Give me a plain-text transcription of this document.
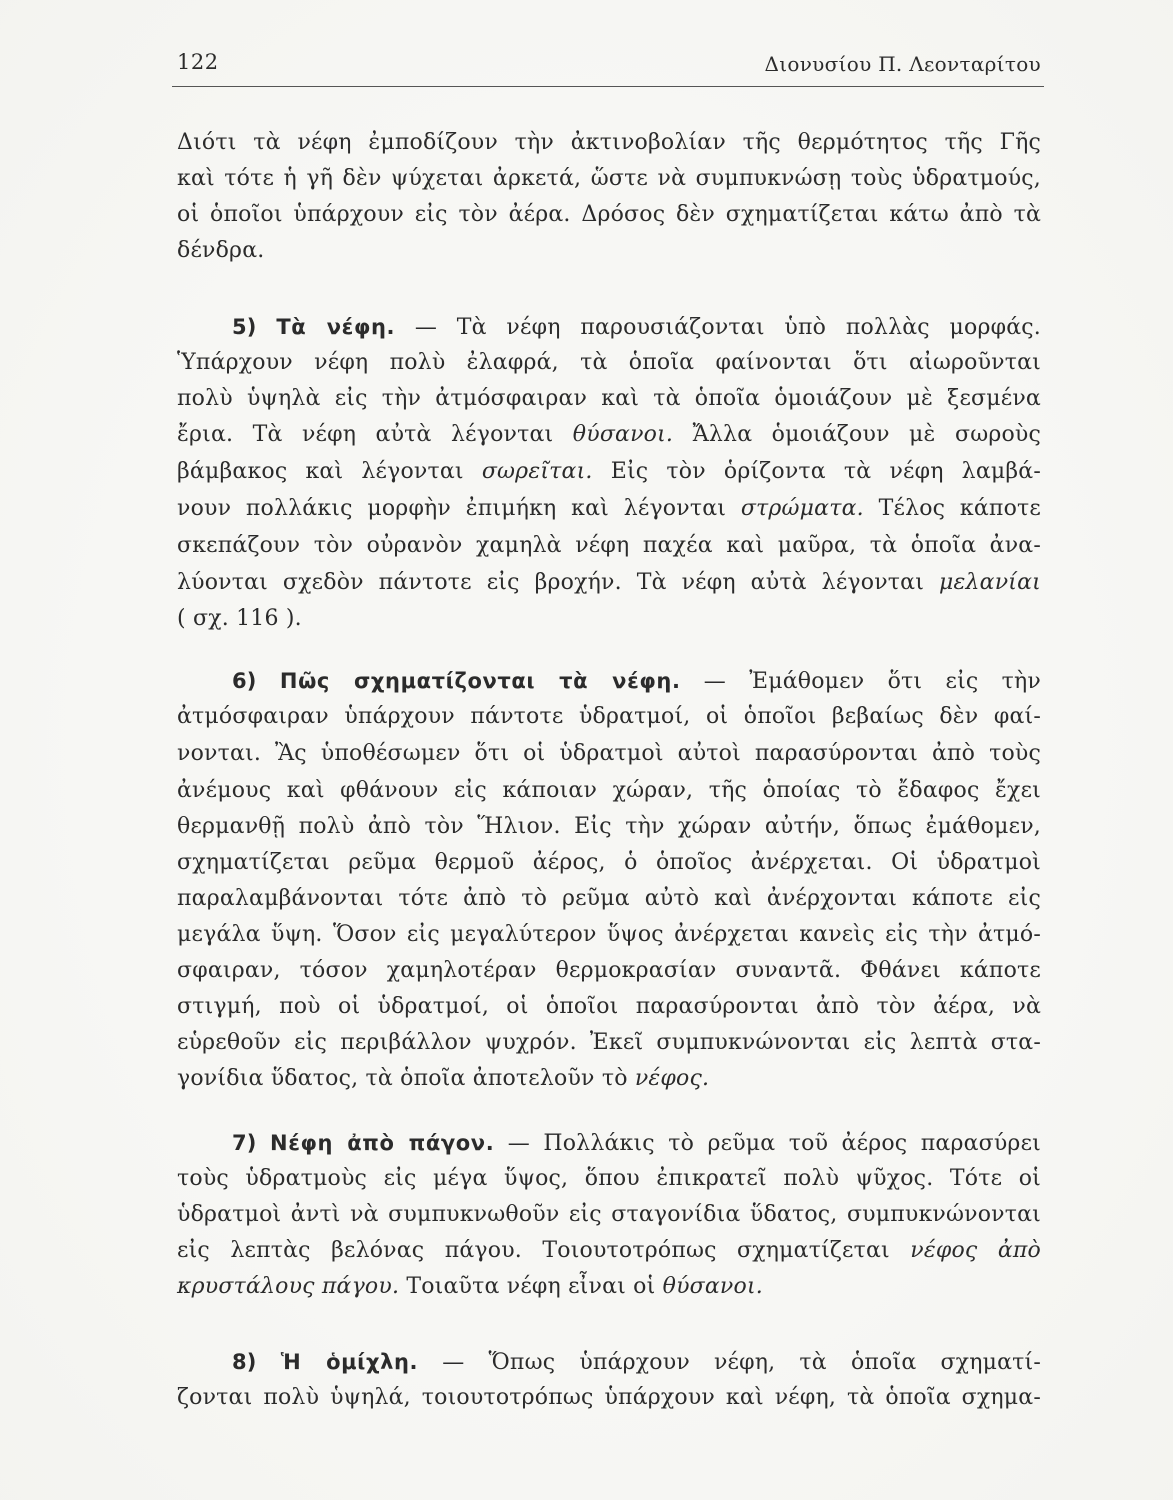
122	Διονυσίου Π. Λεονταρίτου
Διότι τὰ νέφη ἐμποδίζουν τὴν ἀκτινοβολίαν τῆς θερμότητος τῆς Γῆς
καὶ τότε ἡ γῆ δὲν ψύχεται ἀρκετά, ὥστε νὰ συμπυκνώσῃ τοὺς ὑδρατμούς,
οἱ ὁποῖοι ὑπάρχουν εἰς τὸν ἀέρα. Δρόσος δὲν σχηματίζεται κάτω ἀπὸ τὰ
δένδρα.
5) Τὰ νέφη. — Τὰ νέφη παρουσιάζονται ὑπὸ πολλὰς μορφάς.
Ὑπάρχουν νέφη πολὺ ἐλαφρά, τὰ ὁποῖα φαίνονται ὅτι αἰωροῦνται
πολὺ ὑψηλὰ εἰς τὴν ἀτμόσφαιραν καὶ τὰ ὁποῖα ὁμοιάζουν μὲ ξεσμένα
ἔρια. Τὰ νέφη αὐτὰ λέγονται θύσανοι. Ἄλλα ὁμοιάζουν μὲ σωροὺς
βάμβακος καὶ λέγονται σωρεῖται. Εἰς τὸν ὁρίζοντα τὰ νέφη λαμβά-
νουν πολλάκις μορφὴν ἐπιμήκη καὶ λέγονται στρώματα. Τέλος κάποτε
σκεπάζουν τὸν οὐρανὸν χαμηλὰ νέφη παχέα καὶ μαῦρα, τὰ ὁποῖα ἀνα-
λύονται σχεδὸν πάντοτε εἰς βροχήν. Τὰ νέφη αὐτὰ λέγονται μελανίαι
( σχ. 116 ).
6) Πῶς σχηματίζονται τὰ νέφη. — Ἐμάθομεν ὅτι εἰς τὴν
ἀτμόσφαιραν ὑπάρχουν πάντοτε ὑδρατμοί, οἱ ὁποῖοι βεβαίως δὲν φαί-
νονται. Ἂς ὑποθέσωμεν ὅτι οἱ ὑδρατμοὶ αὐτοὶ παρασύρονται ἀπὸ τοὺς
ἀνέμους καὶ φθάνουν εἰς κάποιαν χώραν, τῆς ὁποίας τὸ ἔδαφος ἔχει
θερμανθῇ πολὺ ἀπὸ τὸν Ἥλιον. Εἰς τὴν χώραν αὐτήν, ὅπως ἐμάθομεν,
σχηματίζεται ρεῦμα θερμοῦ ἀέρος, ὁ ὁποῖος ἀνέρχεται. Οἱ ὑδρατμοὶ
παραλαμβάνονται τότε ἀπὸ τὸ ρεῦμα αὐτὸ καὶ ἀνέρχονται κάποτε εἰς
μεγάλα ὕψη. Ὅσον εἰς μεγαλύτερον ὕψος ἀνέρχεται κανεὶς εἰς τὴν ἀτμό-
σφαιραν, τόσον χαμηλοτέραν θερμοκρασίαν συναντᾶ. Φθάνει κάποτε
στιγμή, ποὺ οἱ ὑδρατμοί, οἱ ὁποῖοι παρασύρονται ἀπὸ τὸν ἀέρα, νὰ
εὑρεθοῦν εἰς περιβάλλον ψυχρόν. Ἐκεῖ συμπυκνώνονται εἰς λεπτὰ στα-
γονίδια ὕδατος, τὰ ὁποῖα ἀποτελοῦν τὸ νέφος.
7) Νέφη ἀπὸ πάγον. — Πολλάκις τὸ ρεῦμα τοῦ ἀέρος παρασύρει
τοὺς ὑδρατμοὺς εἰς μέγα ὕψος, ὅπου ἐπικρατεῖ πολὺ ψῦχος. Τότε οἱ
ὑδρατμοὶ ἀντὶ νὰ συμπυκνωθοῦν εἰς σταγονίδια ὕδατος, συμπυκνώνονται
εἰς λεπτὰς βελόνας πάγου. Τοιουτοτρόπως σχηματίζεται νέφος ἀπὸ
κρυστάλους πάγου. Τοιαῦτα νέφη εἶναι οἱ θύσανοι.
8) Ἡ ὁμίχλη. — Ὅπως ὑπάρχουν νέφη, τὰ ὁποῖα σχηματί-
ζονται πολὺ ὑψηλά, τοιουτοτρόπως ὑπάρχουν καὶ νέφη, τὰ ὁποῖα σχημα-
